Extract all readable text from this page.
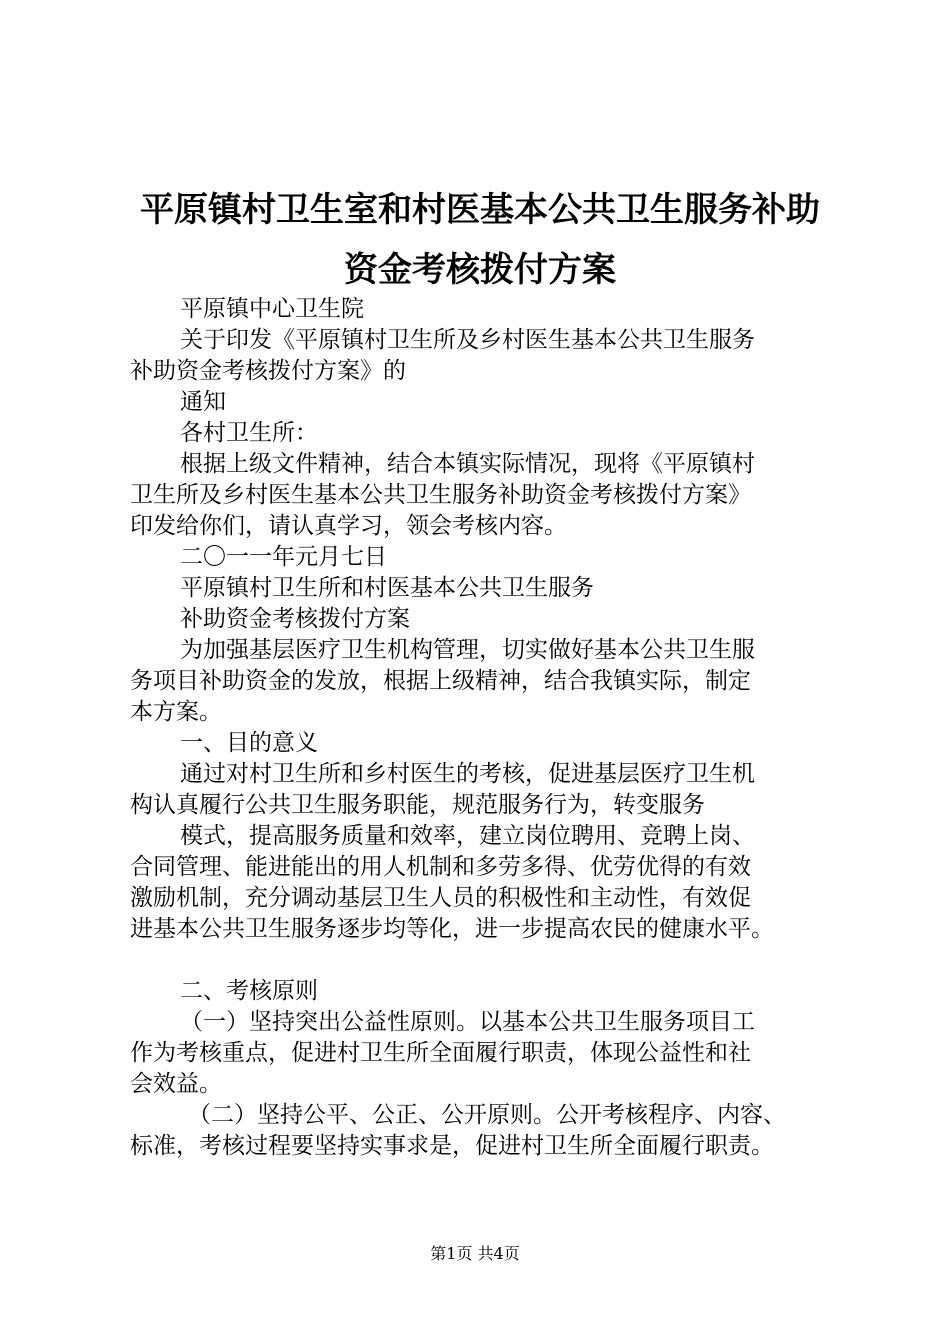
平原镇村卫生室和村医基本公共卫生服务补助
资金考核拨付方案

平原镇中心卫生院

关于印发《平原镇村卫生所及乡村医生基本公共卫生服务

补助资金考核拨付方案》的

通知

各村卫生所：

根据上级文件精神，结合本镇实际情况，现将《平原镇村

卫生所及乡村医生基本公共卫生服务补助资金考核拨付方案》

印发给你们，请认真学习，领会考核内容。

二〇一一年元月七日

平原镇村卫生所和村医基本公共卫生服务

补助资金考核拨付方案

为加强基层医疗卫生机构管理，切实做好基本公共卫生服

务项目补助资金的发放，根据上级精神，结合我镇实际，制定

本方案。

一、目的意义

通过对村卫生所和乡村医生的考核，促进基层医疗卫生机

构认真履行公共卫生服务职能，规范服务行为，转变服务

模式，提高服务质量和效率，建立岗位聘用、竞聘上岗、

合同管理、能进能出的用人机制和多劳多得、优劳优得的有效

激励机制，充分调动基层卫生人员的积极性和主动性，有效促

进基本公共卫生服务逐步均等化，进一步提高农民的健康水平。

二、考核原则

（一）坚持突出公益性原则。以基本公共卫生服务项目工

作为考核重点，促进村卫生所全面履行职责，体现公益性和社

会效益。

（二）坚持公平、公正、公开原则。公开考核程序、内容、

标准，考核过程要坚持实事求是，促进村卫生所全面履行职责。

第1页 共4页
